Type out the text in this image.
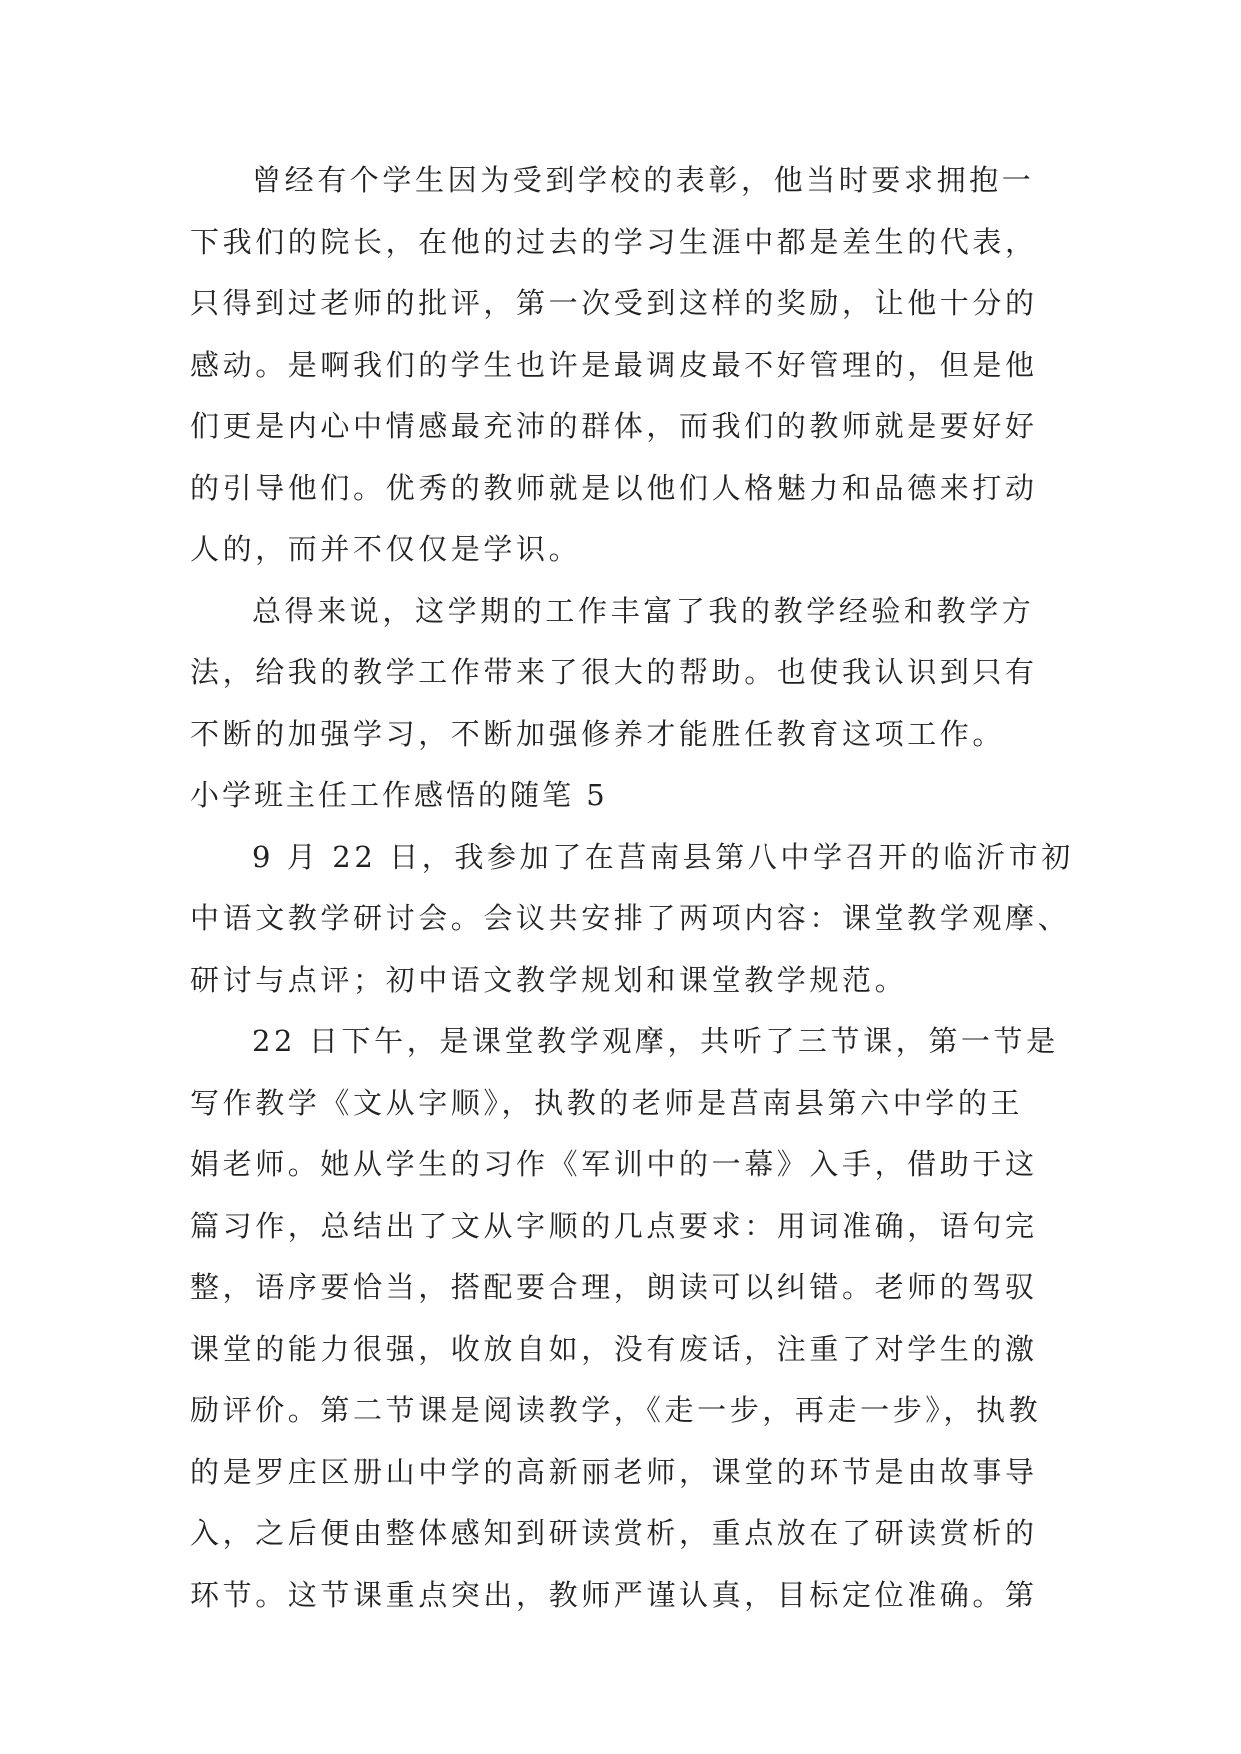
曾经有个学生因为受到学校的表彰，他当时要求拥抱一
下我们的院长，在他的过去的学习生涯中都是差生的代表，
只得到过老师的批评，第一次受到这样的奖励，让他十分的
感动。是啊我们的学生也许是最调皮最不好管理的，但是他
们更是内心中情感最充沛的群体，而我们的教师就是要好好
的引导他们。优秀的教师就是以他们人格魅力和品德来打动
人的，而并不仅仅是学识。
总得来说，这学期的工作丰富了我的教学经验和教学方
法，给我的教学工作带来了很大的帮助。也使我认识到只有
不断的加强学习，不断加强修养才能胜任教育这项工作。
小学班主任工作感悟的随笔 5
9 月 22 日，我参加了在莒南县第八中学召开的临沂市初
中语文教学研讨会。会议共安排了两项内容：课堂教学观摩、
研讨与点评；初中语文教学规划和课堂教学规范。
22 日下午，是课堂教学观摩，共听了三节课，第一节是
写作教学《文从字顺》，执教的老师是莒南县第六中学的王
娟老师。她从学生的习作《军训中的一幕》入手，借助于这
篇习作，总结出了文从字顺的几点要求：用词准确，语句完
整，语序要恰当，搭配要合理，朗读可以纠错。老师的驾驭
课堂的能力很强，收放自如，没有废话，注重了对学生的激
励评价。第二节课是阅读教学，《走一步，再走一步》，执教
的是罗庄区册山中学的高新丽老师，课堂的环节是由故事导
入，之后便由整体感知到研读赏析，重点放在了研读赏析的
环节。这节课重点突出，教师严谨认真，目标定位准确。第
